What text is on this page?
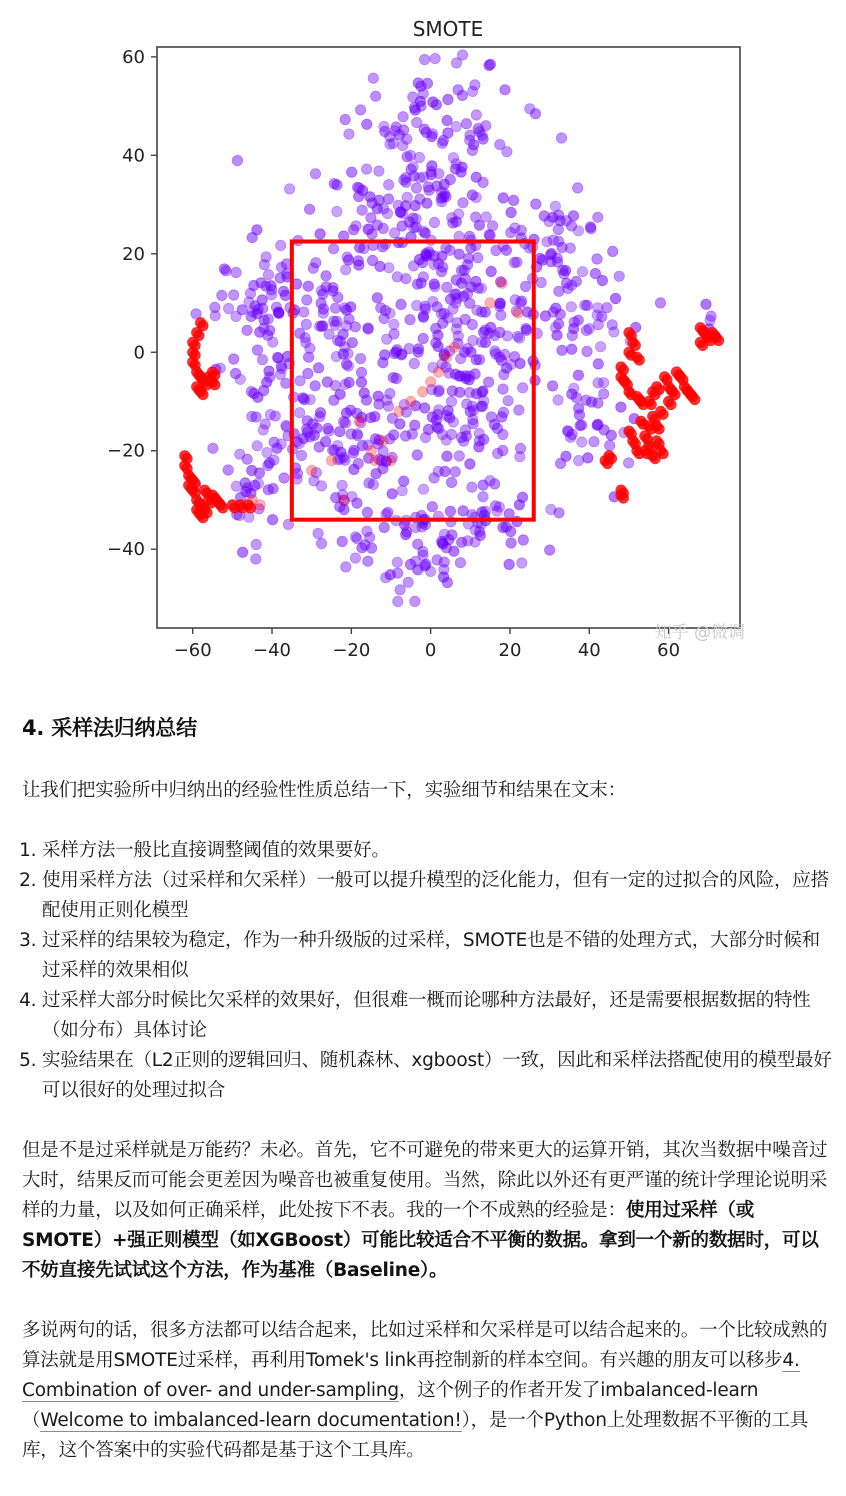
SMOTE
−60 −40 −20	0	20	40	60
60
40
20
0
−20
−40
知乎 @微调
4. 采样法归纳总结

让我们把实验所中归纳出的经验性性质总结一下，实验细节和结果在文末：

1. 采样方法一般比直接调整阈值的效果要好。
2. 使用采样方法（过采样和欠采样）一般可以提升模型的泛化能力，但有一定的过拟合的风险，应搭配使用正则化模型
3. 过采样的结果较为稳定，作为一种升级版的过采样，SMOTE也是不错的处理方式，大部分时候和过采样的效果相似
4. 过采样大部分时候比欠采样的效果好，但很难一概而论哪种方法最好，还是需要根据数据的特性（如分布）具体讨论
5. 实验结果在（L2正则的逻辑回归、随机森林、xgboost）一致，因此和采样法搭配使用的模型最好可以很好的处理过拟合

但是不是过采样就是万能药？未必。首先，它不可避免的带来更大的运算开销，其次当数据中噪音过大时，结果反而可能会更差因为噪音也被重复使用。当然，除此以外还有更严谨的统计学理论说明采样的力量，以及如何正确采样，此处按下不表。我的一个不成熟的经验是：使用过采样（或SMOTE）+强正则模型（如XGBoost）可能比较适合不平衡的数据。拿到一个新的数据时，可以不妨直接先试试这个方法，作为基准（Baseline）。

多说两句的话，很多方法都可以结合起来，比如过采样和欠采样是可以结合起来的。一个比较成熟的算法就是用SMOTE过采样，再利用Tomek's link再控制新的样本空间。有兴趣的朋友可以移步4. Combination of over- and under-sampling，这个例子的作者开发了imbalanced-learn（Welcome to imbalanced-learn documentation!），是一个Python上处理数据不平衡的工具库，这个答案中的实验代码都是基于这个工具库。
